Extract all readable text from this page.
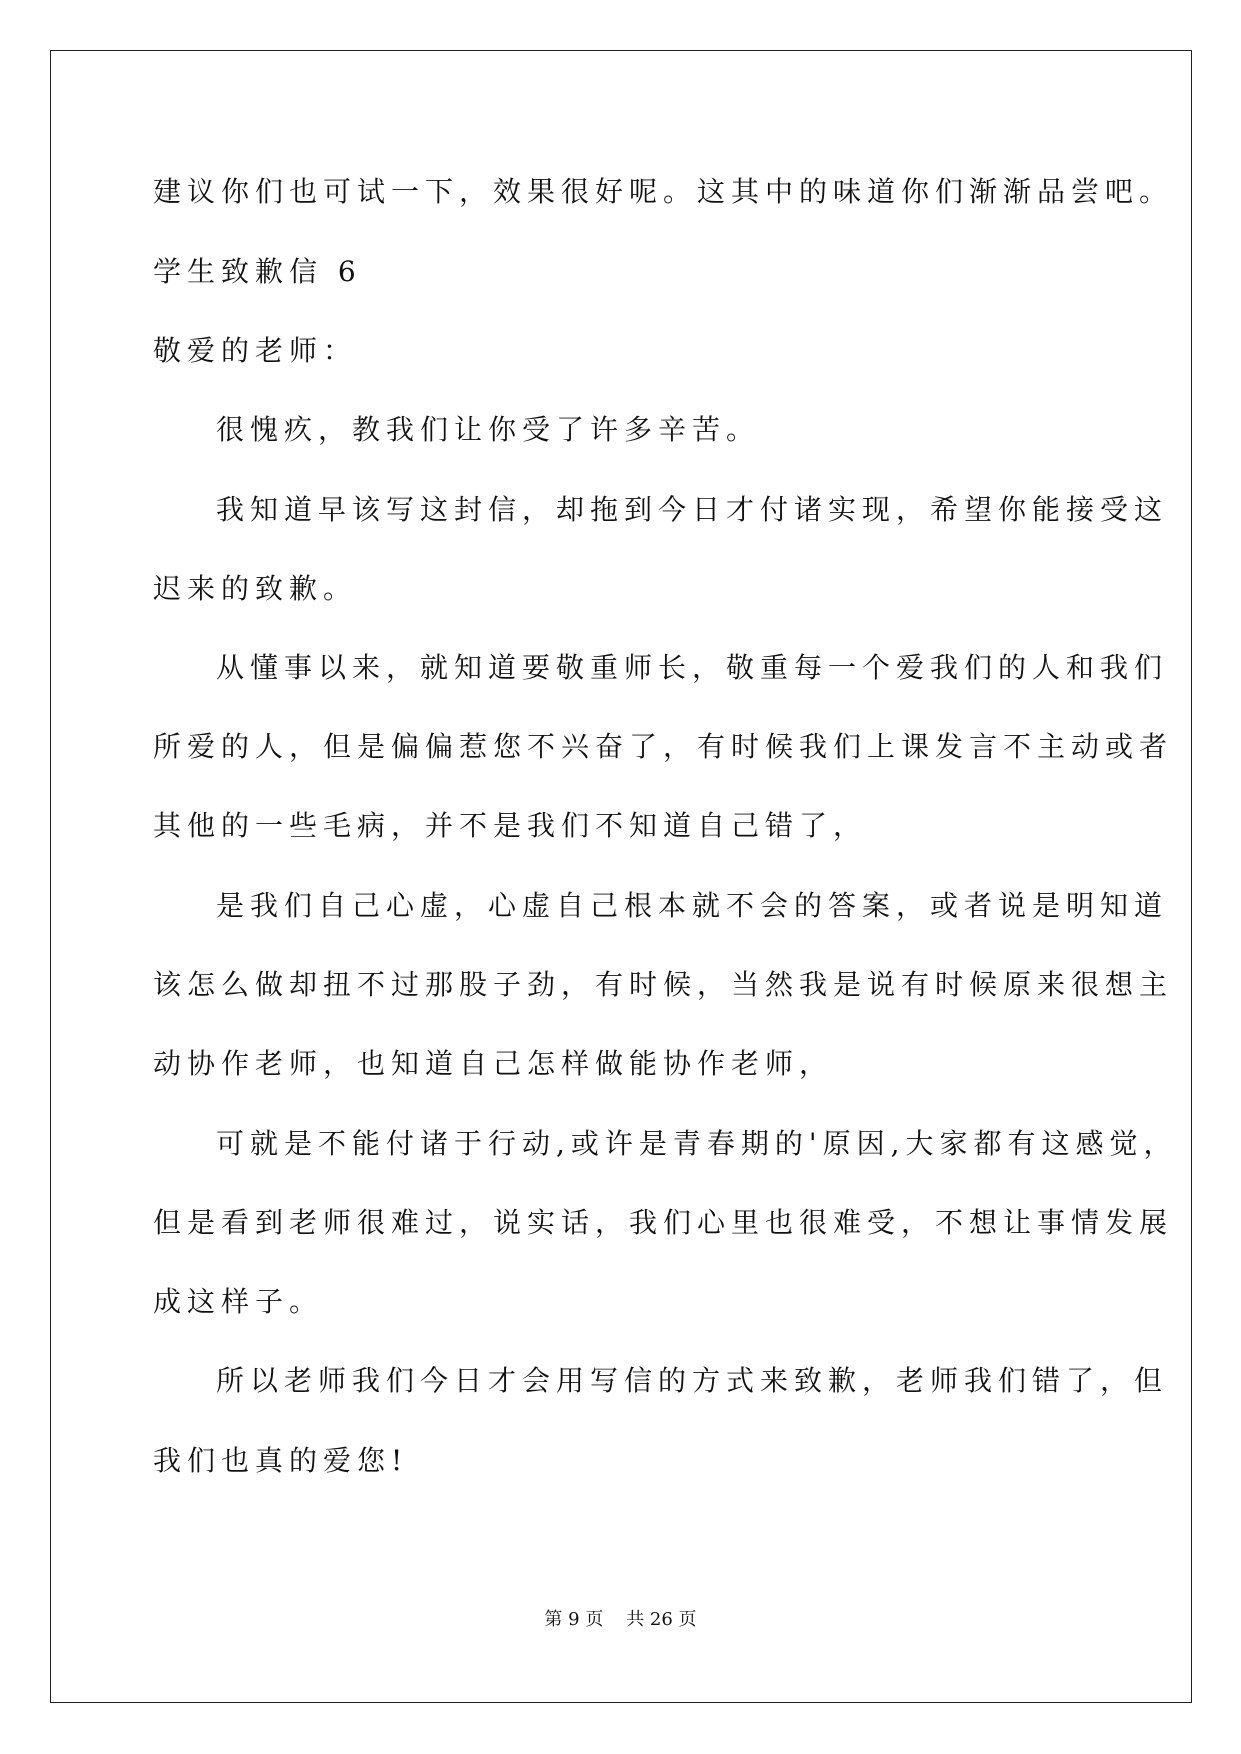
建议你们也可试一下，效果很好呢。这其中的味道你们渐渐品尝吧。
学生致歉信 6
敬爱的老师：
很愧疚，教我们让你受了许多辛苦。
我知道早该写这封信，却拖到今日才付诸实现，希望你能接受这
迟来的致歉。
从懂事以来，就知道要敬重师长，敬重每一个爱我们的人和我们
所爱的人，但是偏偏惹您不兴奋了，有时候我们上课发言不主动或者
其他的一些毛病，并不是我们不知道自己错了，
是我们自己心虚，心虚自己根本就不会的答案，或者说是明知道
该怎么做却扭不过那股子劲，有时候，当然我是说有时候原来很想主
动协作老师，也知道自己怎样做能协作老师，
可就是不能付诸于行动,或许是青春期的'原因,大家都有这感觉，
但是看到老师很难过，说实话，我们心里也很难受，不想让事情发展
成这样子。
所以老师我们今日才会用写信的方式来致歉，老师我们错了，但
我们也真的爱您!
第 9 页    共 26 页
